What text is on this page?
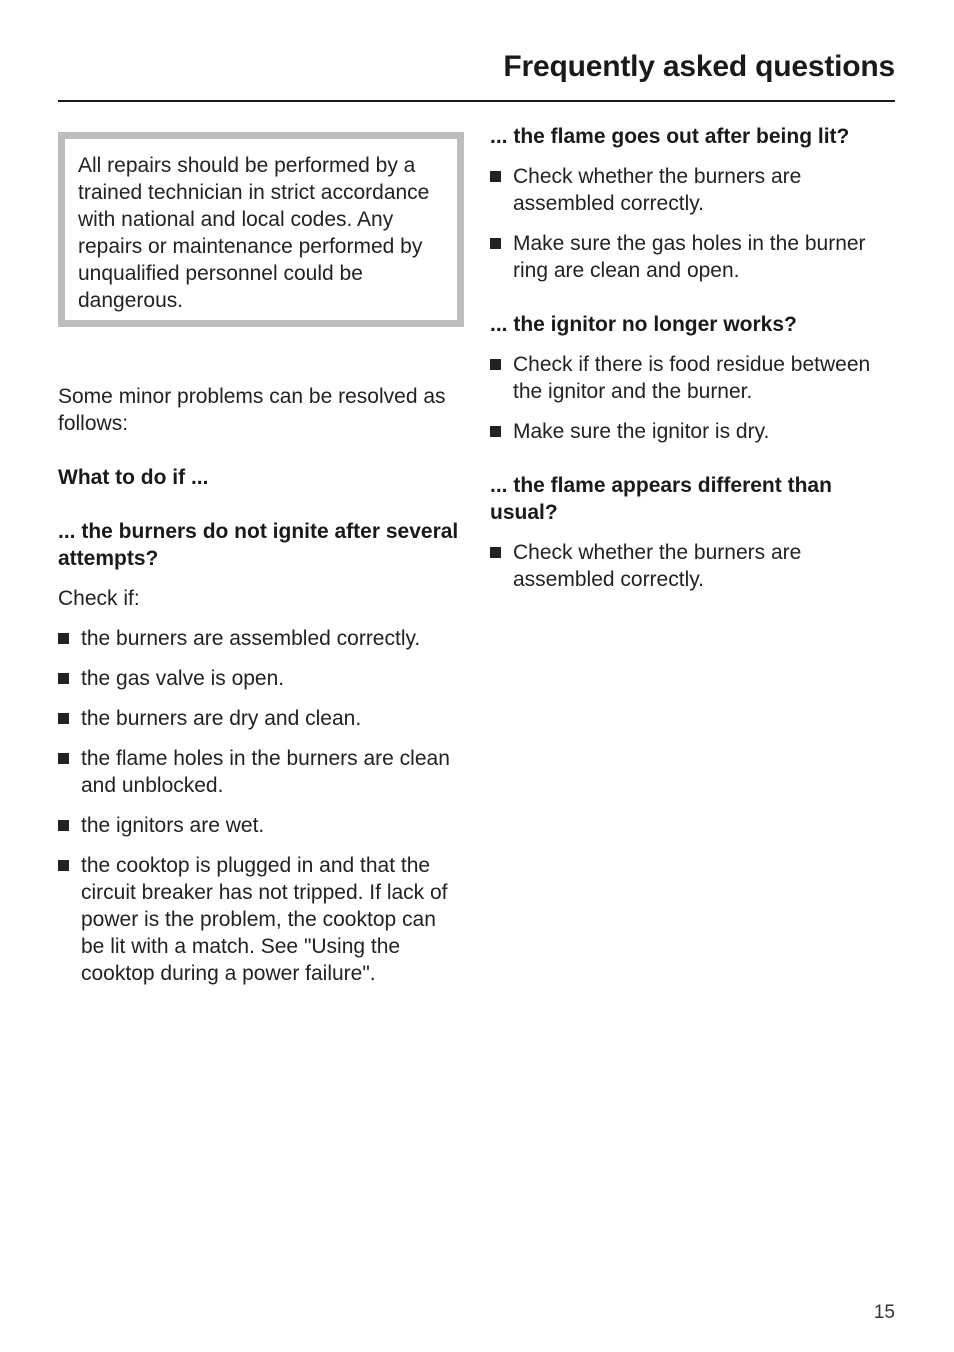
Frequently asked questions

All repairs should be performed by a trained technician in strict accordance with national and local codes. Any repairs or maintenance performed by unqualified personnel could be dangerous.

Some minor problems can be resolved as follows:

What to do if ...
... the burners do not ignite after several attempts?

Check if:

the burners are assembled correctly.
the gas valve is open.
the burners are dry and clean.
the flame holes in the burners are clean and unblocked.
the ignitors are wet.
the cooktop is plugged in and that the circuit breaker has not tripped. If lack of power is the problem, the cooktop can be lit with a match. See "Using the cooktop during a power failure".
... the flame goes out after being lit?
Check whether the burners are assembled correctly.
Make sure the gas holes in the burner ring are clean and open.
... the ignitor no longer works?
Check if there is food residue between the ignitor and the burner.
Make sure the ignitor is dry.
... the flame appears different than usual?
Check whether the burners are assembled correctly.
15
